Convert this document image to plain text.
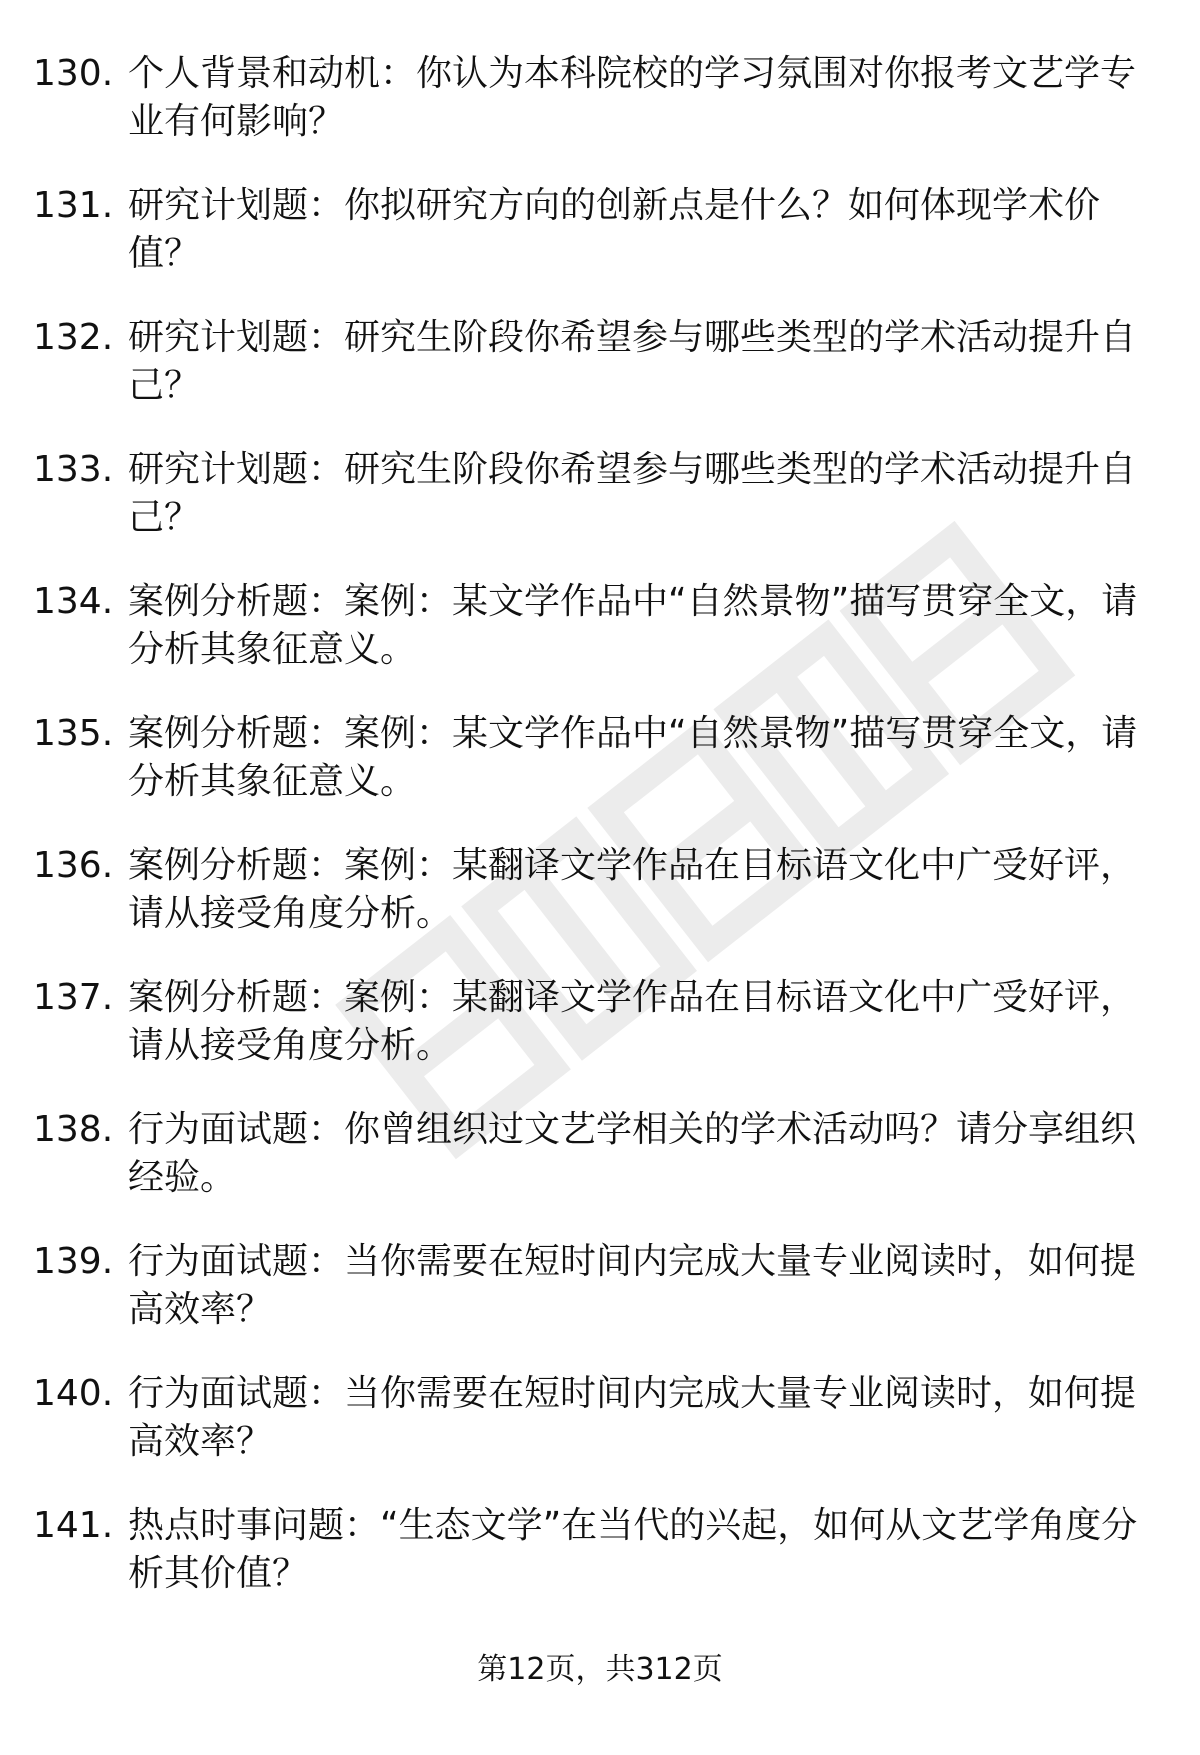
130. 个人背景和动机：你认为本科院校的学习氛围对你报考文艺学专业有何影响？
131. 研究计划题：你拟研究方向的创新点是什么？如何体现学术价值？
132. 研究计划题：研究生阶段你希望参与哪些类型的学术活动提升自己？
133. 研究计划题：研究生阶段你希望参与哪些类型的学术活动提升自己？
134. 案例分析题：案例：某文学作品中“自然景物”描写贯穿全文，请分析其象征意义。
135. 案例分析题：案例：某文学作品中“自然景物”描写贯穿全文，请分析其象征意义。
136. 案例分析题：案例：某翻译文学作品在目标语文化中广受好评，请从接受角度分析。
137. 案例分析题：案例：某翻译文学作品在目标语文化中广受好评，请从接受角度分析。
138. 行为面试题：你曾组织过文艺学相关的学术活动吗？请分享组织经验。
139. 行为面试题：当你需要在短时间内完成大量专业阅读时，如何提高效率？
140. 行为面试题：当你需要在短时间内完成大量专业阅读时，如何提高效率？
141. 热点时事问题：“生态文学”在当代的兴起，如何从文艺学角度分析其价值？
第12页，共312页
